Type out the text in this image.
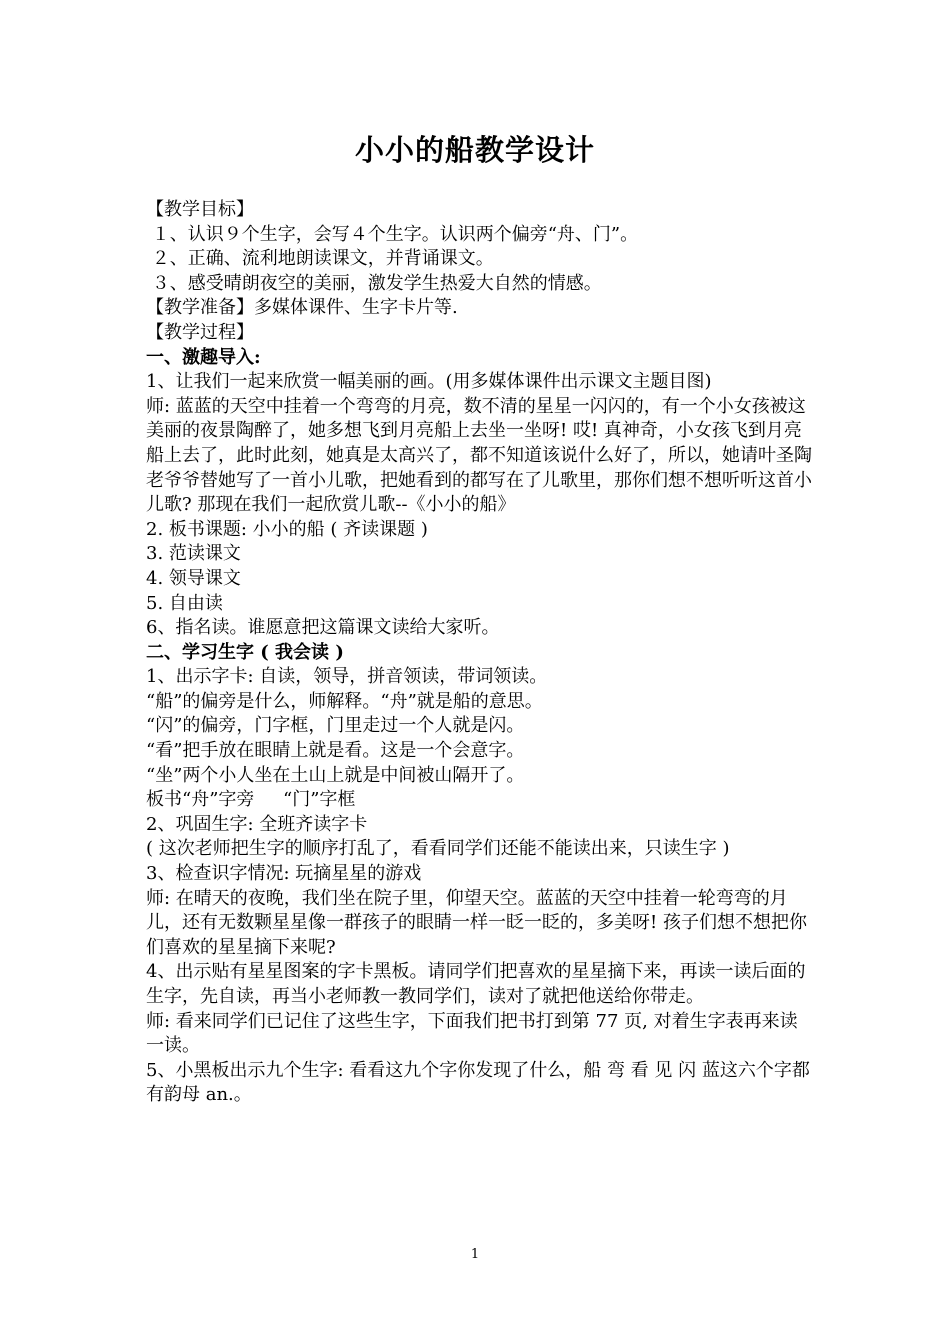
小小的船教学设计
【教学目标】
１、认识９个生字，会写４个生字。认识两个偏旁“舟、门”。
２、正确、流利地朗读课文，并背诵课文。
３、感受晴朗夜空的美丽，激发学生热爱大自然的情感。
【教学准备】多媒体课件、生字卡片等.
【教学过程】
一、激趣导入:
1、让我们一起来欣赏一幅美丽的画。(用多媒体课件出示课文主题目图)
师: 蓝蓝的天空中挂着一个弯弯的月亮，数不清的星星一闪闪的，有一个小女孩被这美丽的夜景陶醉了，她多想飞到月亮船上去坐一坐呀! 哎! 真神奇，小女孩飞到月亮船上去了，此时此刻，她真是太高兴了，都不知道该说什么好了，所以，她请叶圣陶老爷爷替她写了一首小儿歌，把她看到的都写在了儿歌里，那你们想不想听听这首小儿歌? 那现在我们一起欣赏儿歌--《小小的船》
2. 板书课题: 小小的船 ( 齐读课题 )
3. 范读课文
4. 领导课文
5. 自由读
6、指名读。谁愿意把这篇课文读给大家听。
二、学习生字 ( 我会读 )
1、出示字卡: 自读，领导，拼音领读，带词领读。
“船”的偏旁是什么，师解释。“舟”就是船的意思。
“闪”的偏旁，门字框，门里走过一个人就是闪。
“看”把手放在眼睛上就是看。这是一个会意字。
“坐”两个小人坐在土山上就是中间被山隔开了。
板书“舟”字旁     “门”字框
2、巩固生字: 全班齐读字卡
( 这次老师把生字的顺序打乱了，看看同学们还能不能读出来，只读生字 )
3、检查识字情况: 玩摘星星的游戏
师: 在晴天的夜晚，我们坐在院子里，仰望天空。蓝蓝的天空中挂着一轮弯弯的月儿，还有无数颗星星像一群孩子的眼睛一样一眨一眨的，多美呀! 孩子们想不想把你们喜欢的星星摘下来呢?
4、出示贴有星星图案的字卡黑板。请同学们把喜欢的星星摘下来，再读一读后面的生字，先自读，再当小老师教一教同学们，读对了就把他送给你带走。
师: 看来同学们已记住了这些生字，下面我们把书打到第 77 页, 对着生字表再来读一读。
5、小黑板出示九个生字: 看看这九个字你发现了什么，船 弯 看 见 闪 蓝这六个字都有韵母 an.。
1
